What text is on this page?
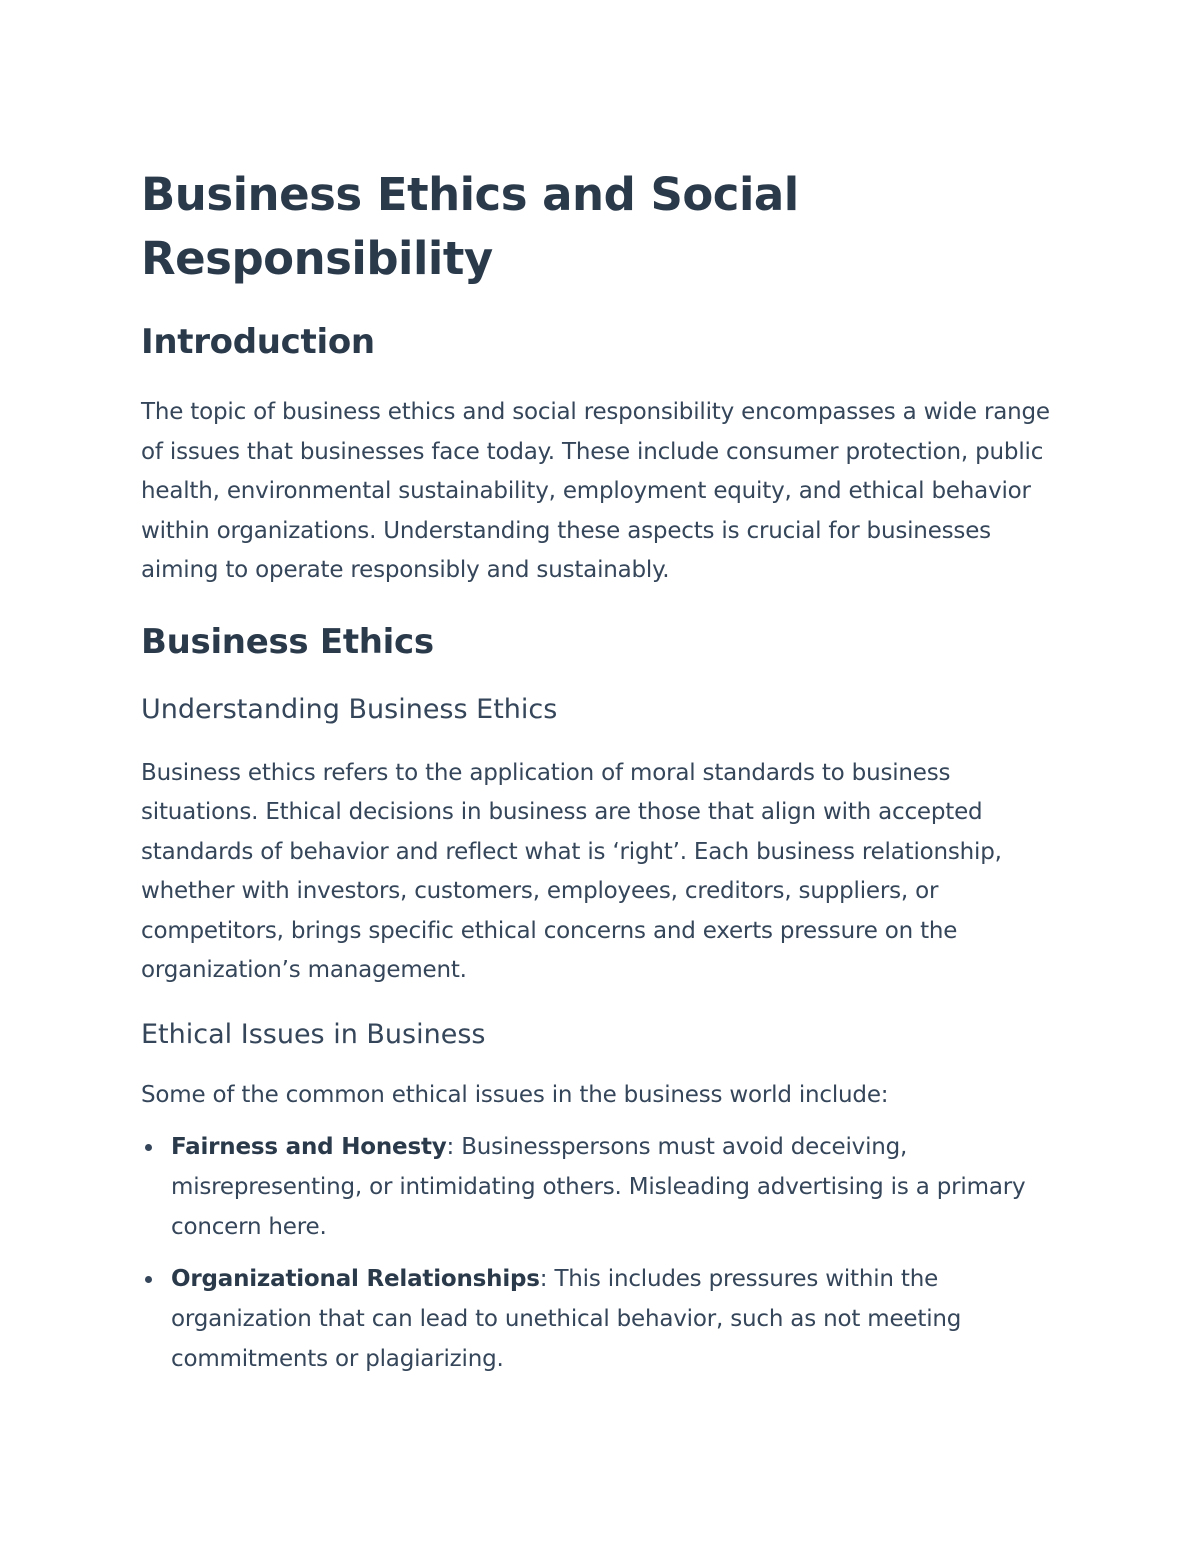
Business Ethics and Social
Responsibility
Introduction

The topic of business ethics and social responsibility encompasses a wide range of issues that businesses face today. These include consumer protection, public health, environmental sustainability, employment equity, and ethical behavior within organizations. Understanding these aspects is crucial for businesses aiming to operate responsibly and sustainably.

Business Ethics
Understanding Business Ethics

Business ethics refers to the application of moral standards to business situations. Ethical decisions in business are those that align with accepted standards of behavior and reflect what is ‘right’. Each business relationship, whether with investors, customers, employees, creditors, suppliers, or competitors, brings specific ethical concerns and exerts pressure on the organization’s management.

Ethical Issues in Business

Some of the common ethical issues in the business world include:

Fairness and Honesty: Businesspersons must avoid deceiving, misrepresenting, or intimidating others. Misleading advertising is a primary concern here.
Organizational Relationships: This includes pressures within the organization that can lead to unethical behavior, such as not meeting commitments or plagiarizing.
